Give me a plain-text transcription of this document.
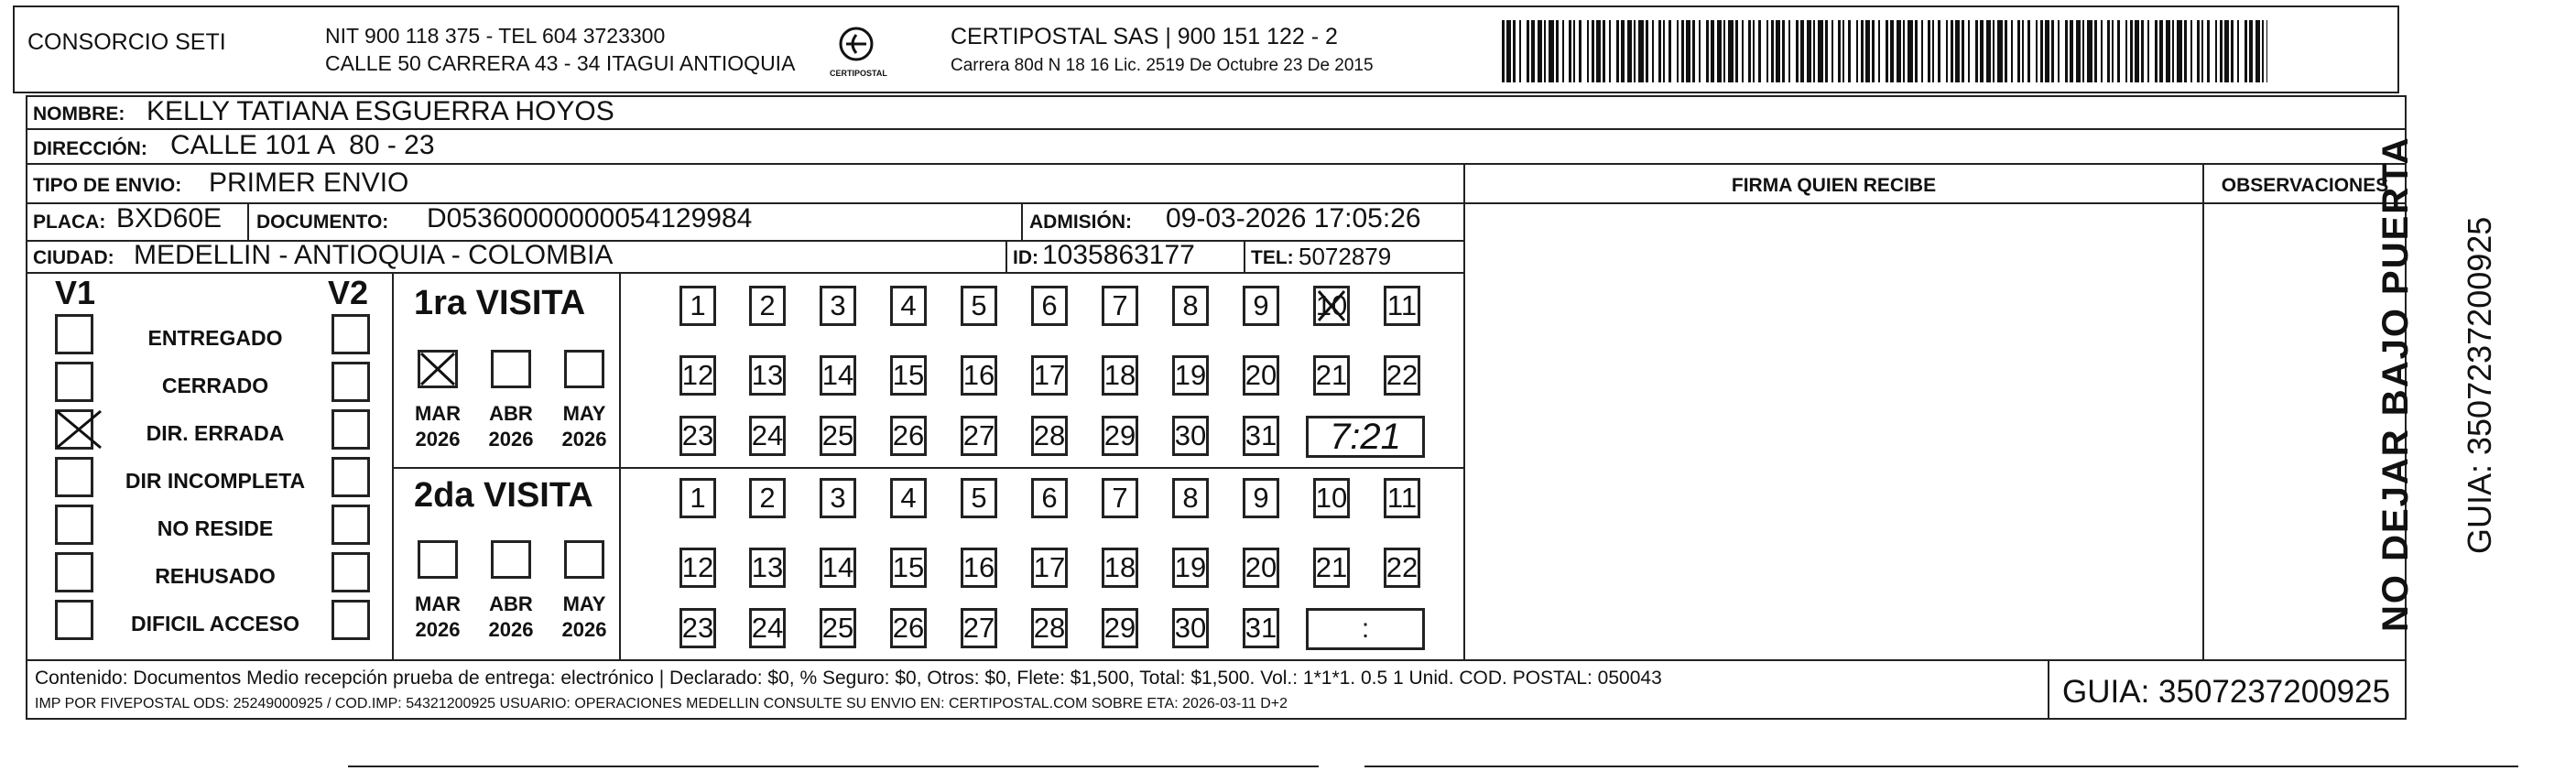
CONSORCIO SETI	NIT 900 118 375 - TEL 604 3723300
CALLE 50 CARRERA 43 - 34 ITAGUI ANTIOQUIA	CERTIPOSTAL
CERTIPOSTAL SAS | 900 151 122 - 2
Carrera 80d N 18 16 Lic. 2519 De Octubre 23 De 2015
NOMBRE: KELLY TATIANA ESGUERRA HOYOS
DIRECCIÓN: CALLE 101 A  80 - 23
TIPO DE ENVIO: PRIMER ENVIO
PLACA: BXD60E DOCUMENTO: D05360000000054129984	ADMISIÓN: 09-03-2026 17:05:26
CIUDAD: MEDELLIN - ANTIOQUIA - COLOMBIA	ID: 1035863177	TEL: 5072879
FIRMA QUIEN RECIBE	OBSERVACIONES
V1	V2
ENTREGADO
CERRADO
DIR. ERRADA
DIR INCOMPLETA
NO RESIDE
REHUSADO
DIFICIL ACCESO
1ra VISITA
2da VISITA
MAR
2026
ABR
2026
MAY
2026
MAR
2026
ABR
2026
MAY
2026
1	2	3	4	5	6	7	8	9	10 11
12 13 14 15 16 17 18 19 20 21 22
23 24 25 26 27 28 29 30 31	7:21
1	2	3	4	5	6	7	8	9	10 11
12 13 14 15 16 17 18 19 20 21 22
23 24 25 26 27 28 29 30 31	:
Contenido: Documentos Medio recepción prueba de entrega: electrónico | Declarado: $0, % Seguro: $0, Otros: $0, Flete: $1,500, Total: $1,500. Vol.: 1*1*1. 0.5 1 Unid. COD. POSTAL: 050043
IMP POR FIVEPOSTAL ODS: 25249000925 / COD.IMP: 54321200925 USUARIO: OPERACIONES MEDELLIN CONSULTE SU ENVIO EN: CERTIPOSTAL.COM SOBRE ETA: 2026-03-11 D+2	GUIA: 3507237200925
NO DEJAR BAJO PUERTA GUIA: 3507237200925
